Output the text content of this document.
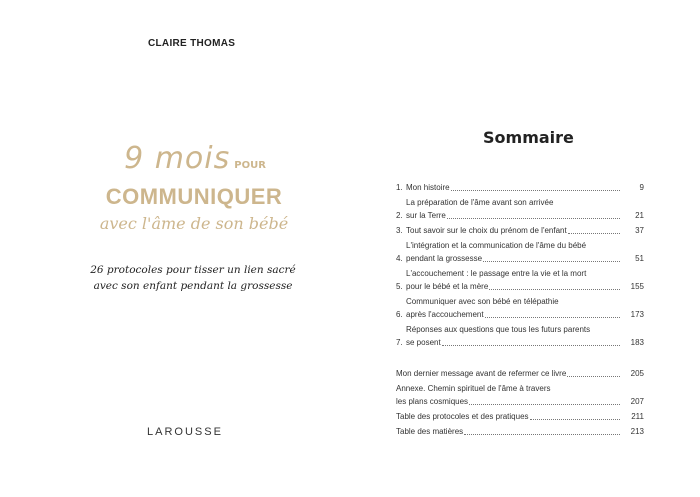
CLAIRE THOMAS
9 mois POUR
COMMUNIQUER
avec l'âme de son bébé
26 protocoles pour tisser un lien sacré
avec son enfant pendant la grossesse
LAROUSSE
Sommaire
1. Mon histoire	9
2.
La préparation de l'âme avant son arrivée
sur la Terre	21
3. Tout savoir sur le choix du prénom de l'enfant	37
4.
L'intégration et la communication de l'âme du bébé
pendant la grossesse	51
5.
L'accouchement : le passage entre la vie et la mort
pour le bébé et la mère	155
6.
Communiquer avec son bébé en télépathie
après l'accouchement	173
7.
Réponses aux questions que tous les futurs parents
se posent	183
Mon dernier message avant de refermer ce livre	205
Annexe. Chemin spirituel de l'âme à travers
les plans cosmiques	207
Table des protocoles et des pratiques	211
Table des matières	213
